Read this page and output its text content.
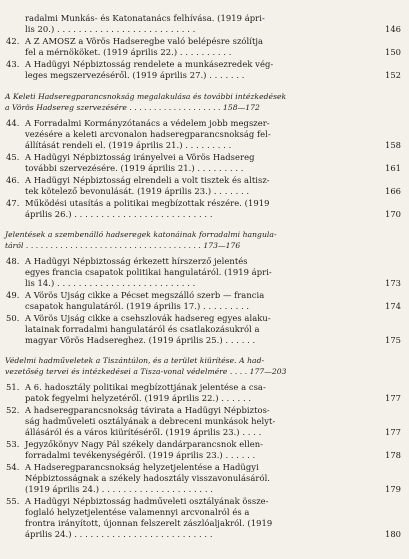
radalmi Munkás- és Katonatanács felhívása. (1919 ápri-
lis 20.) . . . . . . . . . . . . . . . . . . . . . . . . . .	146
42. A Z AMOSZ a Vörös Hadseregbe való belépésre szólítja
fel a mérnököket. (1919 április 22.) . . . . . . . . . .	150
43. A Hadügyi Népbiztosság rendelete a munkásezredek vég-
leges megszervezéséről. (1919 április 27.) . . . . . . .	152
A Keleti Hadseregparancsnokság megalakulása és további intézkedések
a Vörös Hadsereg szervezésére . . . . . . . . . . . . . . . . . . . 158—172
44. A Forradalmi Kormányzótanács a védelem jobb megszer-
vezésére a keleti arcvonalon hadseregparancsnokság fel-
állítását rendeli el. (1919 április 21.) . . . . . . . . .	158
45. A Hadügyi Népbiztosság irányelvei a Vörös Hadsereg
további szervezésére. (1919 április 21.) . . . . . . . . .	161
46. A Hadügyi Népbiztosság elrendeli a volt tisztek és altisz-
tek kötelező bevonulását. (1919 április 23.) . . . . . . .	166
47. Működési utasítás a politikai megbízottak részére. (1919
április 26.) . . . . . . . . . . . . . . . . . . . . . . . . . .	170
Jelentések a szembenálló hadseregek katonáinak forradalmi hangula-
táról . . . . . . . . . . . . . . . . . . . . . . . . . . . . . . . . . . . . 173—176
48. A Hadügyi Népbiztosság érkezett hírszerző jelentés
egyes francia csapatok politikai hangulatáról. (1919 ápri-
lis 14.) . . . . . . . . . . . . . . . . . . . . . . . . . .	173
49. A Vörös Ujság cikke a Pécset megszálló szerb — francia
csapatok hangulatáról. (1919 április 17.) . . . . . . . . .	174
50. A Vörös Ujság cikke a csehszlovák hadsereg egyes alaku-
latainak forradalmi hangulatáról és csatlakozásukról a
magyar Vörös Hadsereghez. (1919 április 25.) . . . . . .	175
Védelmi hadműveletek a Tiszántúlon, és a terület kiürítése. A had-
vezetőség tervei és intézkedései a Tisza-vonal védelmére . . . . 177—203
51. A 6. hadosztály politikai megbízottjának jelentése a csa-
patok fegyelmi helyzetéről. (1919 április 22.) . . . . . .	177
52. A hadseregparancsnokság távirata a Hadügyi Népbiztos-
ság hadműveleti osztályának a debreceni munkások helyt-
állásáról és a város kiürítéséről. (1919 április 23.) . . . .	177
53. Jegyzőkönyv Nagy Pál székely dandárparancsnok ellen-
forradalmi tevékenységéről. (1919 április 23.) . . . . . .	178
54. A Hadseregparancsnokság helyzetjelentése a Hadügyi
Népbiztosságnak a székely hadosztály visszavonulásáról.
(1919 április 24.) . . . . . . . . . . . . . . . . . . . . .	179
55. A Hadügyi Népbiztosság hadműveleti osztályának össze-
foglaló helyzetjelentése valamennyi arcvonalról és a
frontra irányított, újonnan felszerelt zászlóaljakról. (1919
április 24.) . . . . . . . . . . . . . . . . . . . . . . . . . .	180
